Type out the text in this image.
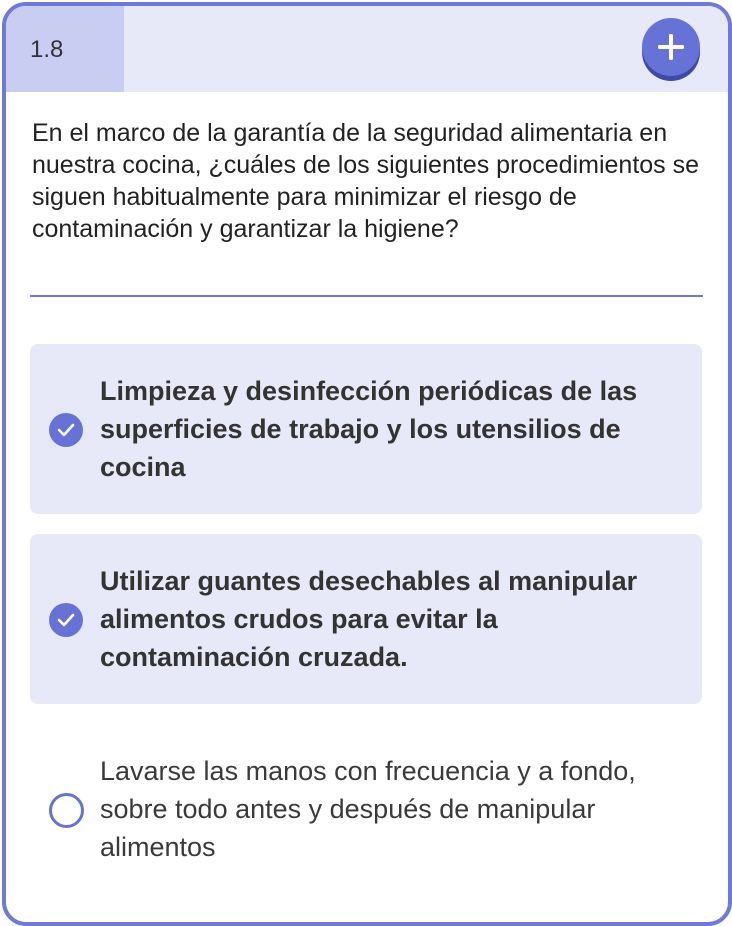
1.8

En el marco de la garantía de la seguridad alimentaria en nuestra cocina, ¿cuáles de los siguientes procedimientos se siguen habitualmente para minimizar el riesgo de contaminación y garantizar la higiene?

Limpieza y desinfección periódicas de las superficies de trabajo y los utensilios de cocina
Utilizar guantes desechables al manipular alimentos crudos para evitar la contaminación cruzada.
Lavarse las manos con frecuencia y a fondo, sobre todo antes y después de manipular alimentos
